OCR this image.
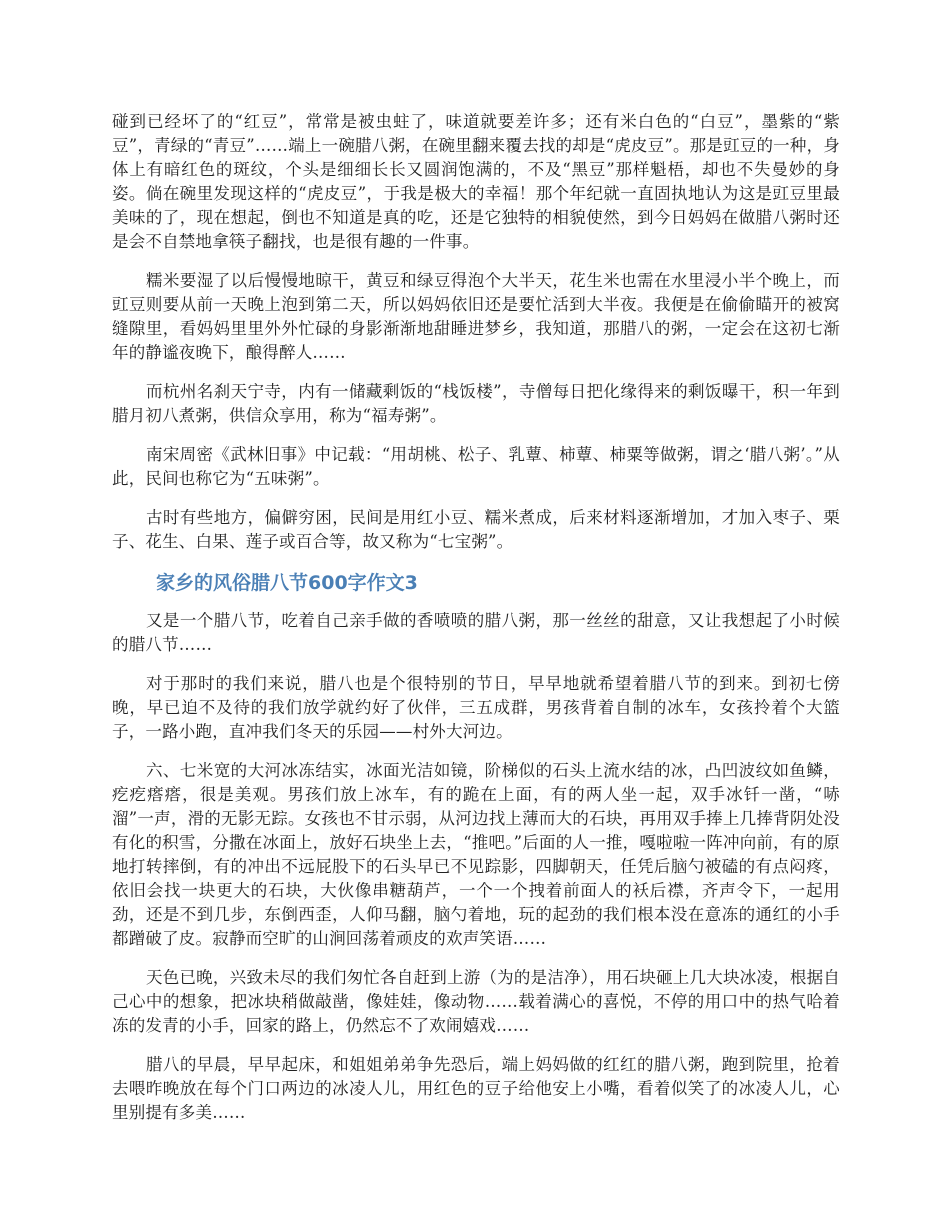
碰到已经坏了的“红豆”，常常是被虫蛀了，味道就要差许多；还有米白色的“白豆”，墨紫的“紫豆”，青绿的“青豆”……端上一碗腊八粥，在碗里翻来覆去找的却是“虎皮豆”。那是豇豆的一种，身体上有暗红色的斑纹，个头是细细长长又圆润饱满的，不及“黑豆”那样魁梧，却也不失曼妙的身姿。倘在碗里发现这样的“虎皮豆”，于我是极大的幸福！那个年纪就一直固执地认为这是豇豆里最美味的了，现在想起，倒也不知道是真的吃，还是它独特的相貌使然，到今日妈妈在做腊八粥时还是会不自禁地拿筷子翻找，也是很有趣的一件事。

糯米要湿了以后慢慢地晾干，黄豆和绿豆得泡个大半天，花生米也需在水里浸小半个晚上，而豇豆则要从前一天晚上泡到第二天，所以妈妈依旧还是要忙活到大半夜。我便是在偷偷瞄开的被窝缝隙里，看妈妈里里外外忙碌的身影渐渐地甜睡进梦乡，我知道，那腊八的粥，一定会在这初七渐年的静谧夜晚下，酿得醉人……

而杭州名刹天宁寺，内有一储藏剩饭的“栈饭楼”，寺僧每日把化缘得来的剩饭曝干，积一年到腊月初八煮粥，供信众享用，称为“福寿粥”。

南宋周密《武林旧事》中记载：“用胡桃、松子、乳蕈、柿蕈、柿粟等做粥，谓之‘腊八粥’。”从此，民间也称它为“五味粥”。

古时有些地方，偏僻穷困，民间是用红小豆、糯米煮成，后来材料逐渐增加，才加入枣子、栗子、花生、白果、莲子或百合等，故又称为“七宝粥”。

家乡的风俗腊八节600字作文3

又是一个腊八节，吃着自己亲手做的香喷喷的腊八粥，那一丝丝的甜意，又让我想起了小时候的腊八节……

对于那时的我们来说，腊八也是个很特别的节日，早早地就希望着腊八节的到来。到初七傍晚，早已迫不及待的我们放学就约好了伙伴，三五成群，男孩背着自制的冰车，女孩拎着个大篮子，一路小跑，直冲我们冬天的乐园——村外大河边。

六、七米宽的大河冰冻结实，冰面光洁如镜，阶梯似的石头上流水结的冰，凸凹波纹如鱼鳞，疙疙瘩瘩，很是美观。男孩们放上冰车，有的跪在上面，有的两人坐一起，双手冰钎一凿，“哧溜”一声，滑的无影无踪。女孩也不甘示弱，从河边找上薄而大的石块，再用双手捧上几捧背阴处没有化的积雪，分撒在冰面上，放好石块坐上去，“推吧。”后面的人一推，嘎啦啦一阵冲向前，有的原地打转摔倒，有的冲出不远屁股下的石头早已不见踪影，四脚朝天，任凭后脑勺被磕的有点闷疼，依旧会找一块更大的石块，大伙像串糖葫芦，一个一个拽着前面人的袄后襟，齐声令下，一起用劲，还是不到几步，东倒西歪，人仰马翻，脑勺着地，玩的起劲的我们根本没在意冻的通红的小手都蹭破了皮。寂静而空旷的山涧回荡着顽皮的欢声笑语……

天色已晚，兴致未尽的我们匆忙各自赶到上游（为的是洁净），用石块砸上几大块冰凌，根据自己心中的想象，把冰块稍做敲凿，像娃娃，像动物……载着满心的喜悦，不停的用口中的热气哈着冻的发青的小手，回家的路上，仍然忘不了欢闹嬉戏……

腊八的早晨，早早起床，和姐姐弟弟争先恐后，端上妈妈做的红红的腊八粥，跑到院里，抢着去喂昨晚放在每个门口两边的冰凌人儿，用红色的豆子给他安上小嘴，看着似笑了的冰凌人儿，心里别提有多美……
